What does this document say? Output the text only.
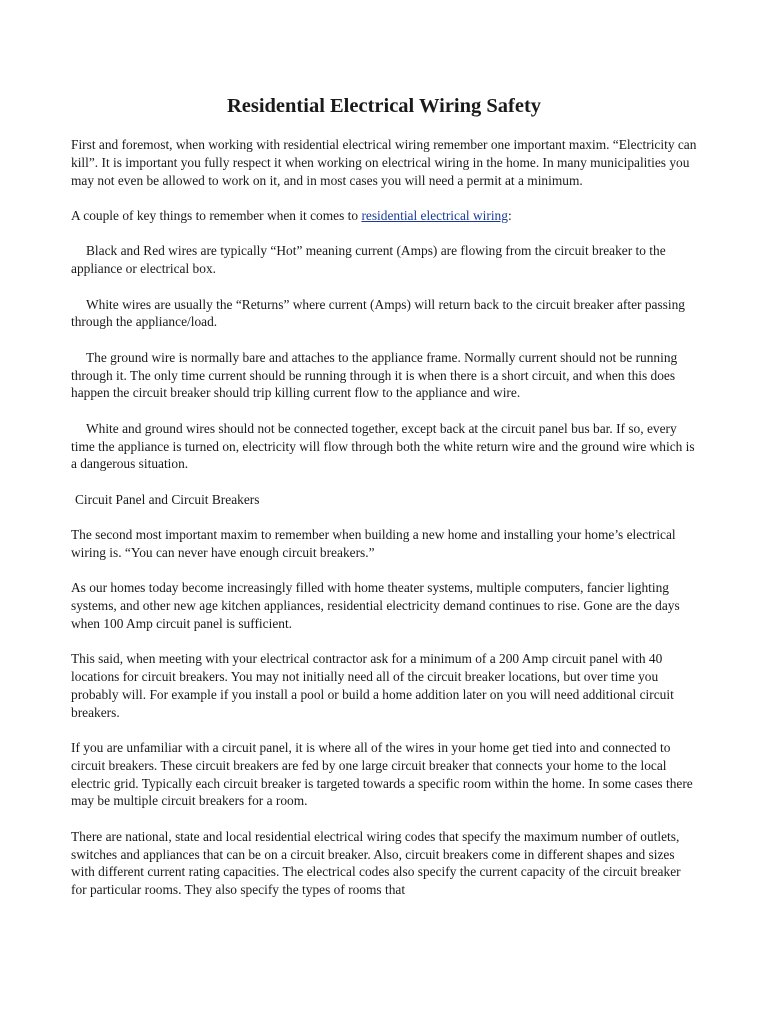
Residential Electrical Wiring Safety

First and foremost, when working with residential electrical wiring remember one important maxim. “Electricity can kill”. It is important you fully respect it when working on electrical wiring in the home. In many municipalities you may not even be allowed to work on it, and in most cases you will need a permit at a minimum.

A couple of key things to remember when it comes to residential electrical wiring:

Black and Red wires are typically “Hot” meaning current (Amps) are flowing from the circuit breaker to the appliance or electrical box.

White wires are usually the “Returns” where current (Amps) will return back to the circuit breaker after passing through the appliance/load.

The ground wire is normally bare and attaches to the appliance frame. Normally current should not be running through it. The only time current should be running through it is when there is a short circuit, and when this does happen the circuit breaker should trip killing current flow to the appliance and wire.

White and ground wires should not be connected together, except back at the circuit panel bus bar. If so, every time the appliance is turned on, electricity will flow through both the white return wire and the ground wire which is a dangerous situation.

Circuit Panel and Circuit Breakers

The second most important maxim to remember when building a new home and installing your home’s electrical wiring is. “You can never have enough circuit breakers.”

As our homes today become increasingly filled with home theater systems, multiple computers, fancier lighting systems, and other new age kitchen appliances, residential electricity demand continues to rise. Gone are the days when 100 Amp circuit panel is sufficient.

This said, when meeting with your electrical contractor ask for a minimum of a 200 Amp circuit panel with 40 locations for circuit breakers. You may not initially need all of the circuit breaker locations, but over time you probably will. For example if you install a pool or build a home addition later on you will need additional circuit breakers.

If you are unfamiliar with a circuit panel, it is where all of the wires in your home get tied into and connected to circuit breakers. These circuit breakers are fed by one large circuit breaker that connects your home to the local electric grid. Typically each circuit breaker is targeted towards a specific room within the home. In some cases there may be multiple circuit breakers for a room.

There are national, state and local residential electrical wiring codes that specify the maximum number of outlets, switches and appliances that can be on a circuit breaker. Also, circuit breakers come in different shapes and sizes with different current rating capacities. The electrical codes also specify the current capacity of the circuit breaker for particular rooms. They also specify the types of rooms that
